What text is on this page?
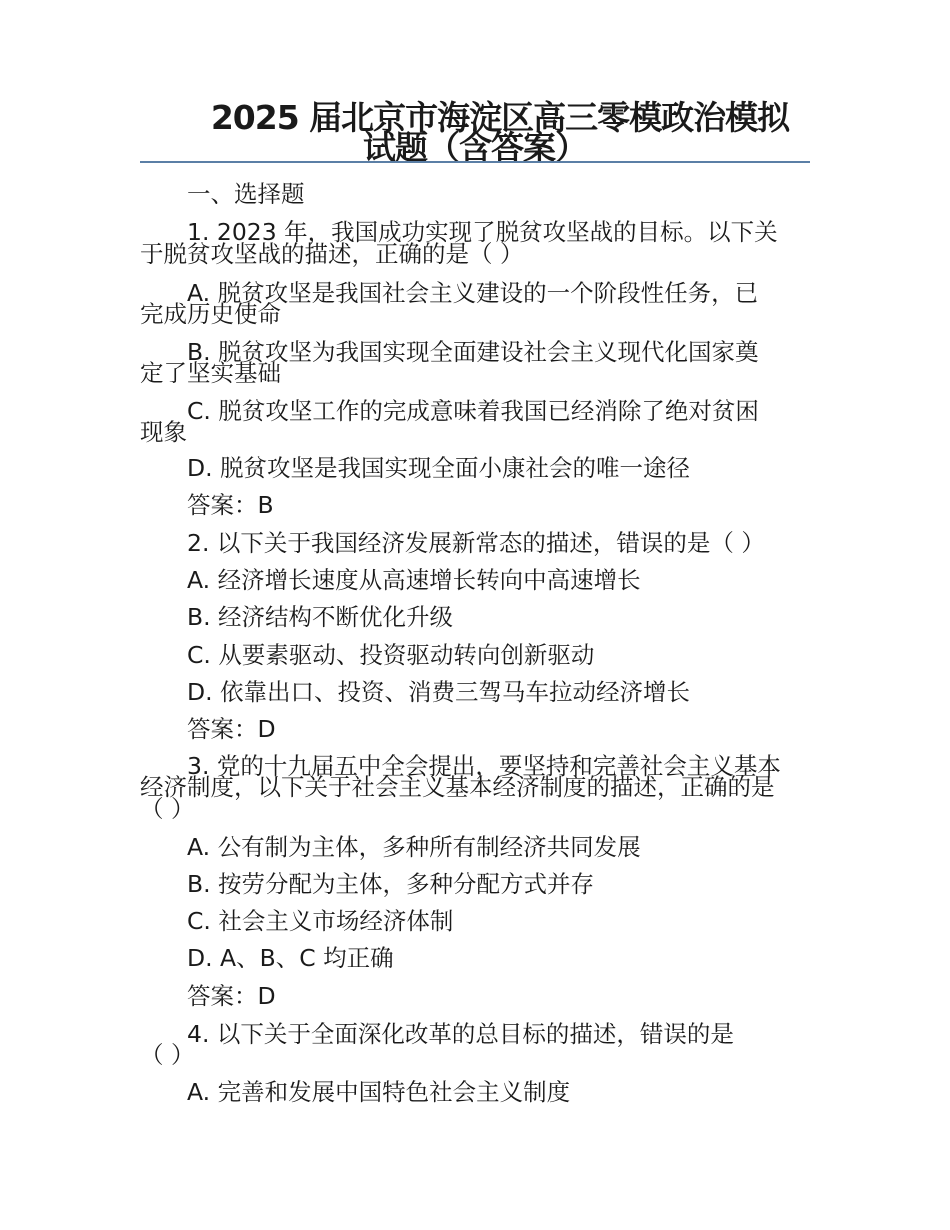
2025 届北京市海淀区高三零模政治模拟
试题（含答案）
一、选择题
1. 2023 年，我国成功实现了脱贫攻坚战的目标。以下关
于脱贫攻坚战的描述，正确的是（ ）
A. 脱贫攻坚是我国社会主义建设的一个阶段性任务，已
完成历史使命
B. 脱贫攻坚为我国实现全面建设社会主义现代化国家奠
定了坚实基础
C. 脱贫攻坚工作的完成意味着我国已经消除了绝对贫困
现象
D. 脱贫攻坚是我国实现全面小康社会的唯一途径
答案：B
2. 以下关于我国经济发展新常态的描述，错误的是（ ）
A. 经济增长速度从高速增长转向中高速增长
B. 经济结构不断优化升级
C. 从要素驱动、投资驱动转向创新驱动
D. 依靠出口、投资、消费三驾马车拉动经济增长
答案：D
3. 党的十九届五中全会提出，要坚持和完善社会主义基本
经济制度，以下关于社会主义基本经济制度的描述，正确的是
（ ）
A. 公有制为主体，多种所有制经济共同发展
B. 按劳分配为主体，多种分配方式并存
C. 社会主义市场经济体制
D. A、B、C 均正确
答案：D
4. 以下关于全面深化改革的总目标的描述，错误的是
（ ）
A. 完善和发展中国特色社会主义制度
